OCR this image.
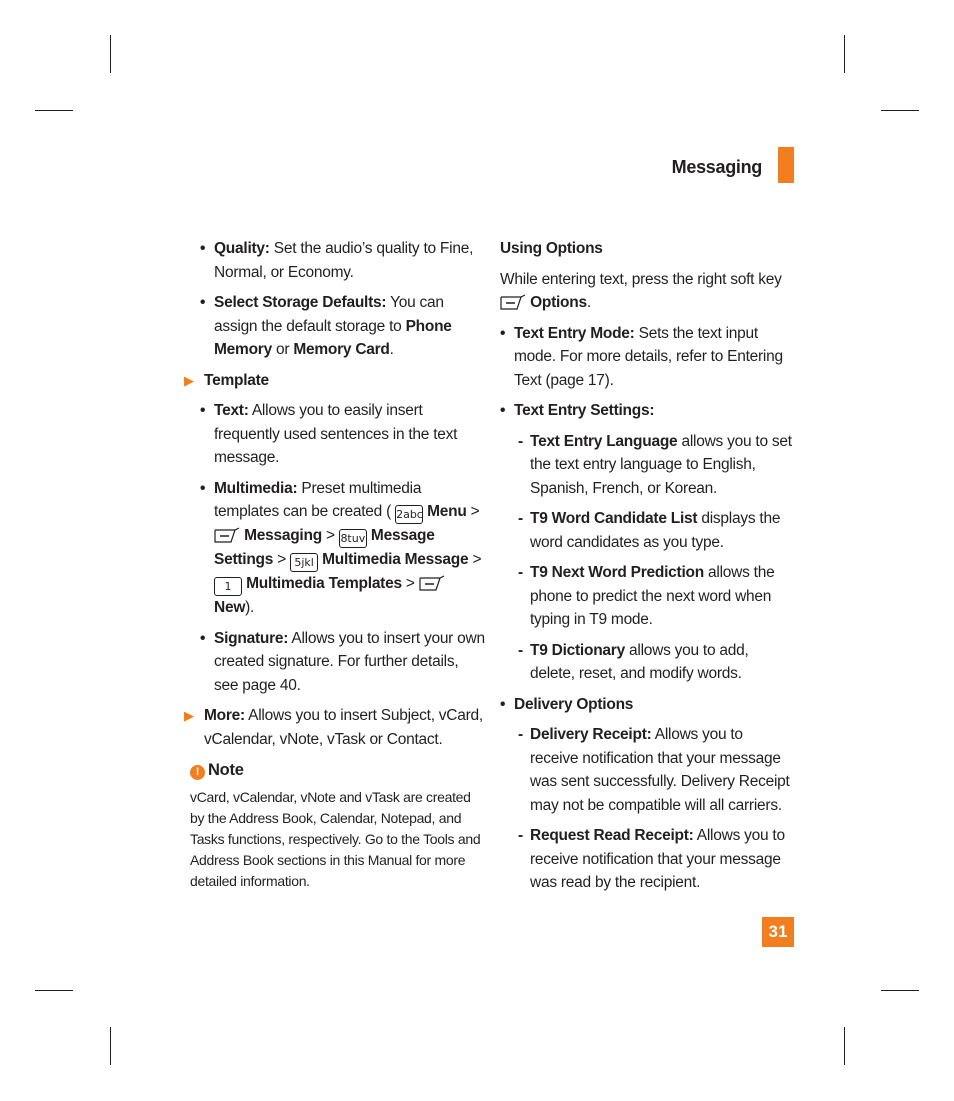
Messaging
• Quality: Set the audio’s quality to Fine, Normal, or Economy.
• Select Storage Defaults: You can assign the default storage to Phone Memory or Memory Card.
▶ Template
• Text: Allows you to easily insert frequently used sentences in the text message.
• Multimedia: Preset multimedia templates can be created ( 2abc Menu >  Messaging > 8tuv Message Settings > 5jkl Multimedia Message > 1 Multimedia Templates >  New).
• Signature: Allows you to insert your own created signature. For further details, see page 40.
▶ More: Allows you to insert Subject, vCard, vCalendar, vNote, vTask or Contact.
! Note

vCard, vCalendar, vNote and vTask are created by the Address Book, Calendar, Notepad, and Tasks functions, respectively. Go to the Tools and Address Book sections in this Manual for more detailed information.

Using Options

While entering text, press the right soft key
Options.

• Text Entry Mode: Sets the text input mode. For more details, refer to Entering Text (page 17).
• Text Entry Settings:
- Text Entry Language allows you to set the text entry language to English, Spanish, French, or Korean.
- T9 Word Candidate List displays the word candidates as you type.
- T9 Next Word Prediction allows the phone to predict the next word when typing in T9 mode.
- T9 Dictionary allows you to add, delete, reset, and modify words.
• Delivery Options
- Delivery Receipt: Allows you to receive notification that your message was sent successfully. Delivery Receipt may not be compatible will all carriers.
- Request Read Receipt: Allows you to receive notification that your message was read by the recipient.
31
